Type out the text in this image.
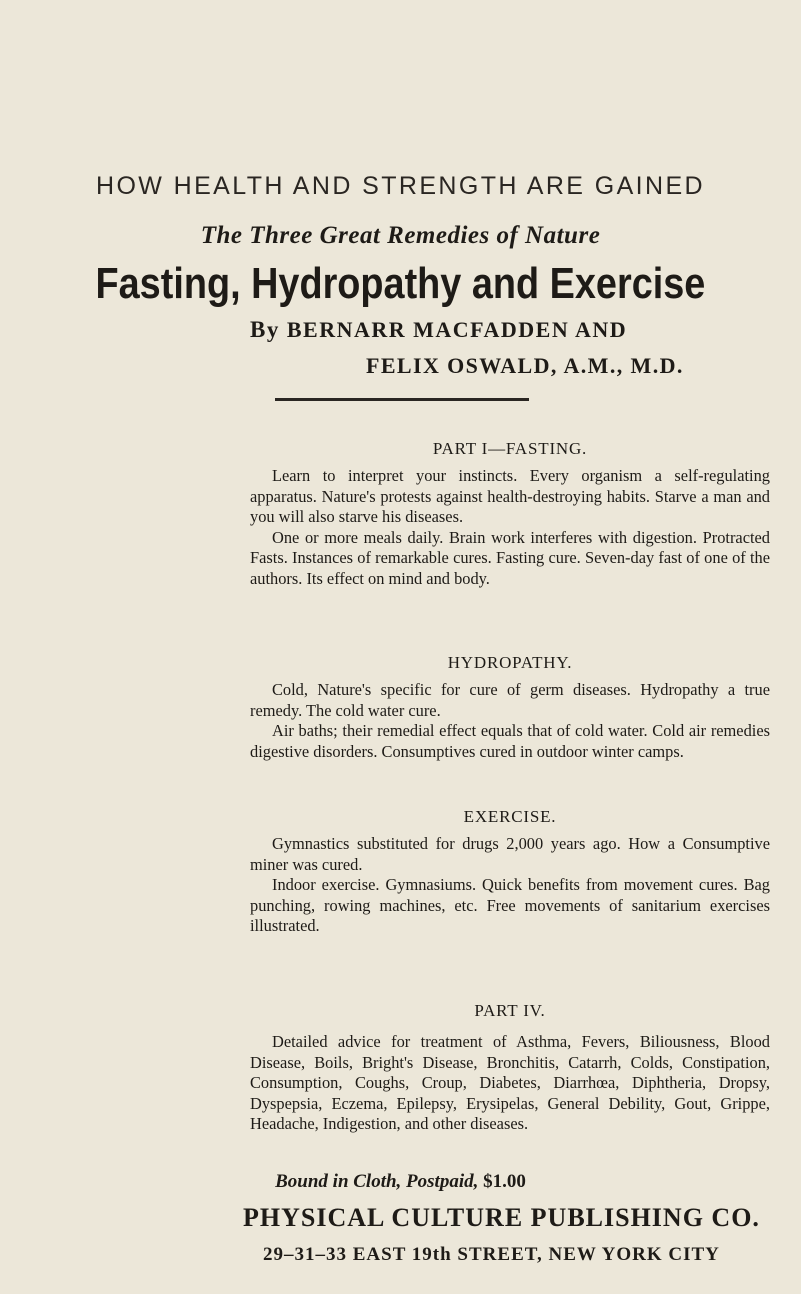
HOW HEALTH AND STRENGTH ARE GAINED
The Three Great Remedies of Nature
Fasting, Hydropathy and Exercise
By BERNARR MACFADDEN AND
FELIX OSWALD, A.M., M.D.

PART I—FASTING.

Learn to interpret your instincts. Every organism a self-regulating apparatus. Nature's protests against health-destroying habits. Starve a man and you will also starve his diseases.

One or more meals daily. Brain work interferes with digestion. Protracted Fasts. Instances of remarkable cures. Fasting cure. Seven-day fast of one of the authors. Its effect on mind and body.

HYDROPATHY.

Cold, Nature's specific for cure of germ diseases. Hydropathy a true remedy. The cold water cure.

Air baths; their remedial effect equals that of cold water. Cold air remedies digestive disorders. Consumptives cured in outdoor winter camps.

EXERCISE.

Gymnastics substituted for drugs 2,000 years ago. How a Consumptive miner was cured.

Indoor exercise. Gymnasiums. Quick benefits from movement cures. Bag punching, rowing machines, etc. Free movements of sanitarium exercises illustrated.

PART IV.

Detailed advice for treatment of Asthma, Fevers, Biliousness, Blood Disease, Boils, Bright's Disease, Bronchitis, Catarrh, Colds, Constipation, Consumption, Coughs, Croup, Diabetes, Diarrhœa, Diphtheria, Dropsy, Dyspepsia, Eczema, Epilepsy, Erysipelas, General Debility, Gout, Grippe, Headache, Indigestion, and other diseases.

Bound in Cloth, Postpaid, $1.00
PHYSICAL CULTURE PUBLISHING CO.
29–31–33 EAST 19th STREET, NEW YORK CITY
